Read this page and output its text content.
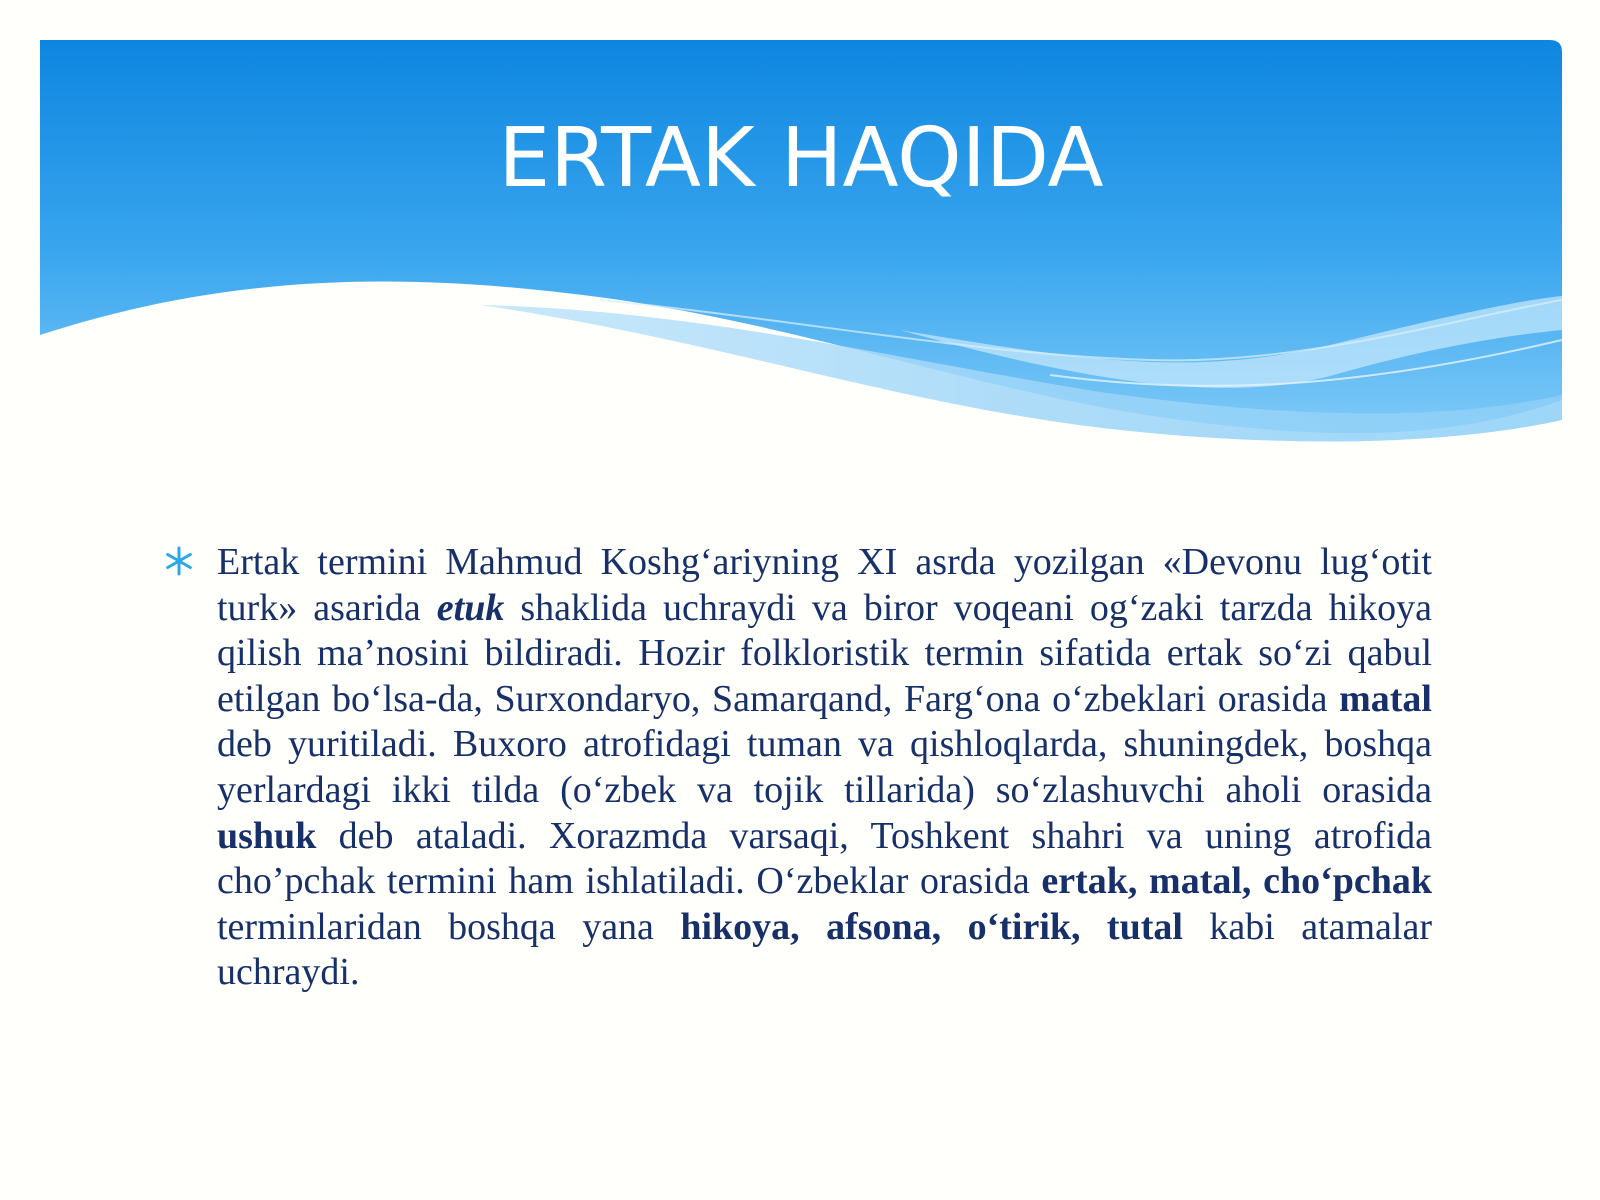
ERTAK HAQIDA

Ertak termini Mahmud Koshg‘ariyning XI asrda yozilgan «Devonu lug‘otit turk» asarida etuk shaklida uchraydi va biror voqeani og‘zaki tarzda hikoya qilish ma’nosini bildiradi. Hozir folkloristik termin sifatida ertak so‘zi qabul etilgan bo‘lsa-da, Surxondaryo, Samarqand, Farg‘ona o‘zbeklari orasida matal deb yuritiladi. Buxoro atrofidagi tuman va qishloqlarda, shuningdek, boshqa yerlardagi ikki tilda (o‘zbek va tojik tillarida) so‘zlashuvchi aholi orasida ushuk deb ataladi. Xorazmda varsaqi, Toshkent shahri va uning atrofida cho’pchak termini ham ishlatiladi. O‘zbeklar orasida ertak, matal, cho‘pchak terminlaridan boshqa yana hikoya, afsona, o‘tirik, tutal kabi atamalar uchraydi.
